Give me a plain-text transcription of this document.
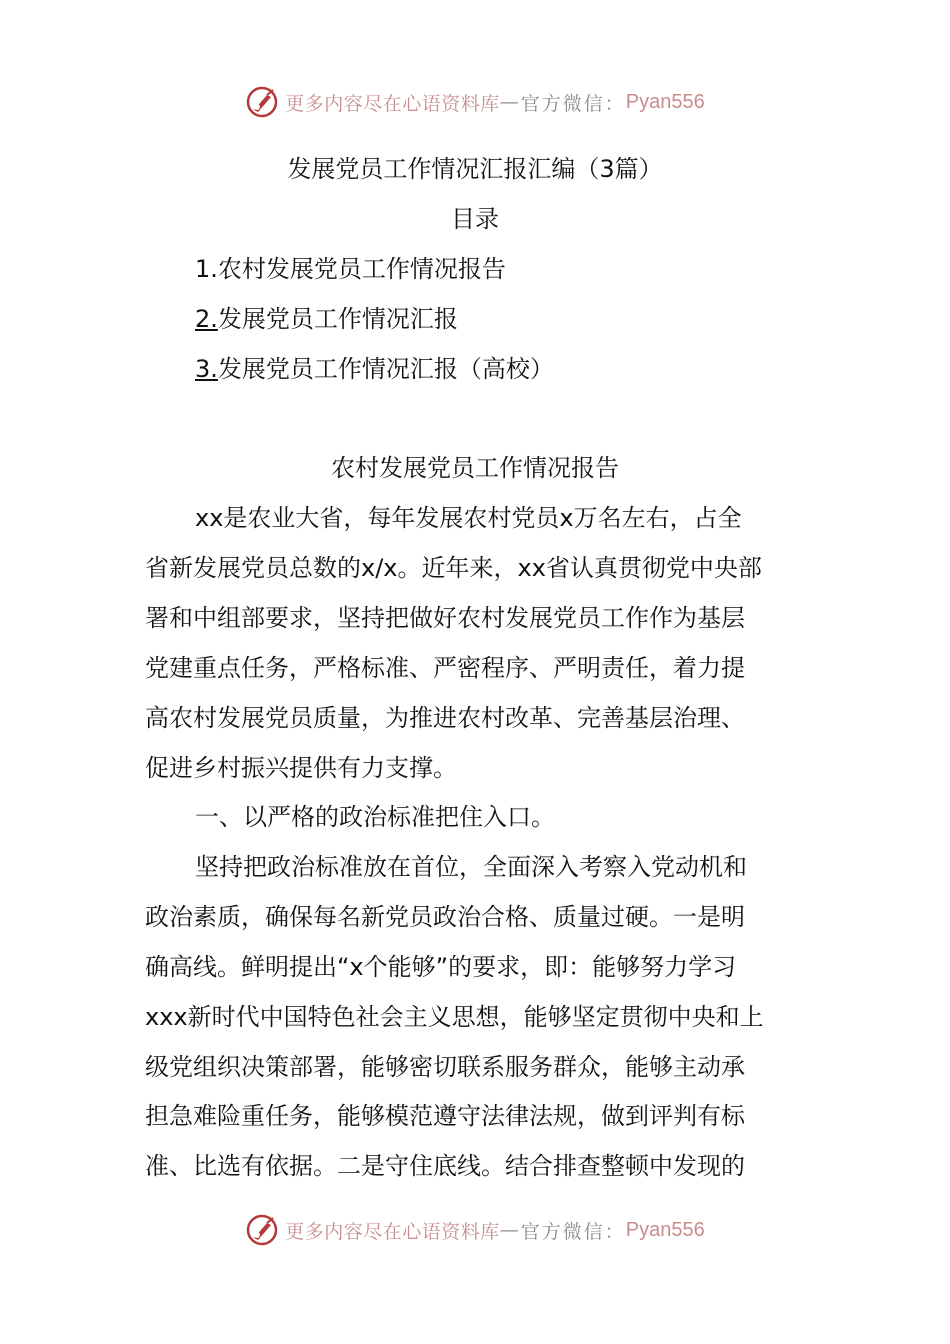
更多内容尽在心语资料库 — 官方微信： Pyan556
发展党员工作情况汇报汇编（3篇）
目录
1.农村发展党员工作情况报告
2.发展党员工作情况汇报
3.发展党员工作情况汇报（高校）
农村发展党员工作情况报告
xx是农业大省，每年发展农村党员x万名左右，占全
省新发展党员总数的x/x。近年来，xx省认真贯彻党中央部
署和中组部要求，坚持把做好农村发展党员工作作为基层
党建重点任务，严格标准、严密程序、严明责任，着力提
高农村发展党员质量，为推进农村改革、完善基层治理、
促进乡村振兴提供有力支撑。
一、以严格的政治标准把住入口。
坚持把政治标准放在首位，全面深入考察入党动机和
政治素质，确保每名新党员政治合格、质量过硬。一是明
确高线。鲜明提出“x个能够”的要求，即：能够努力学习
xxx新时代中国特色社会主义思想，能够坚定贯彻中央和上
级党组织决策部署，能够密切联系服务群众，能够主动承
担急难险重任务，能够模范遵守法律法规，做到评判有标
准、比选有依据。二是守住底线。结合排查整顿中发现的
更多内容尽在心语资料库 — 官方微信： Pyan556
